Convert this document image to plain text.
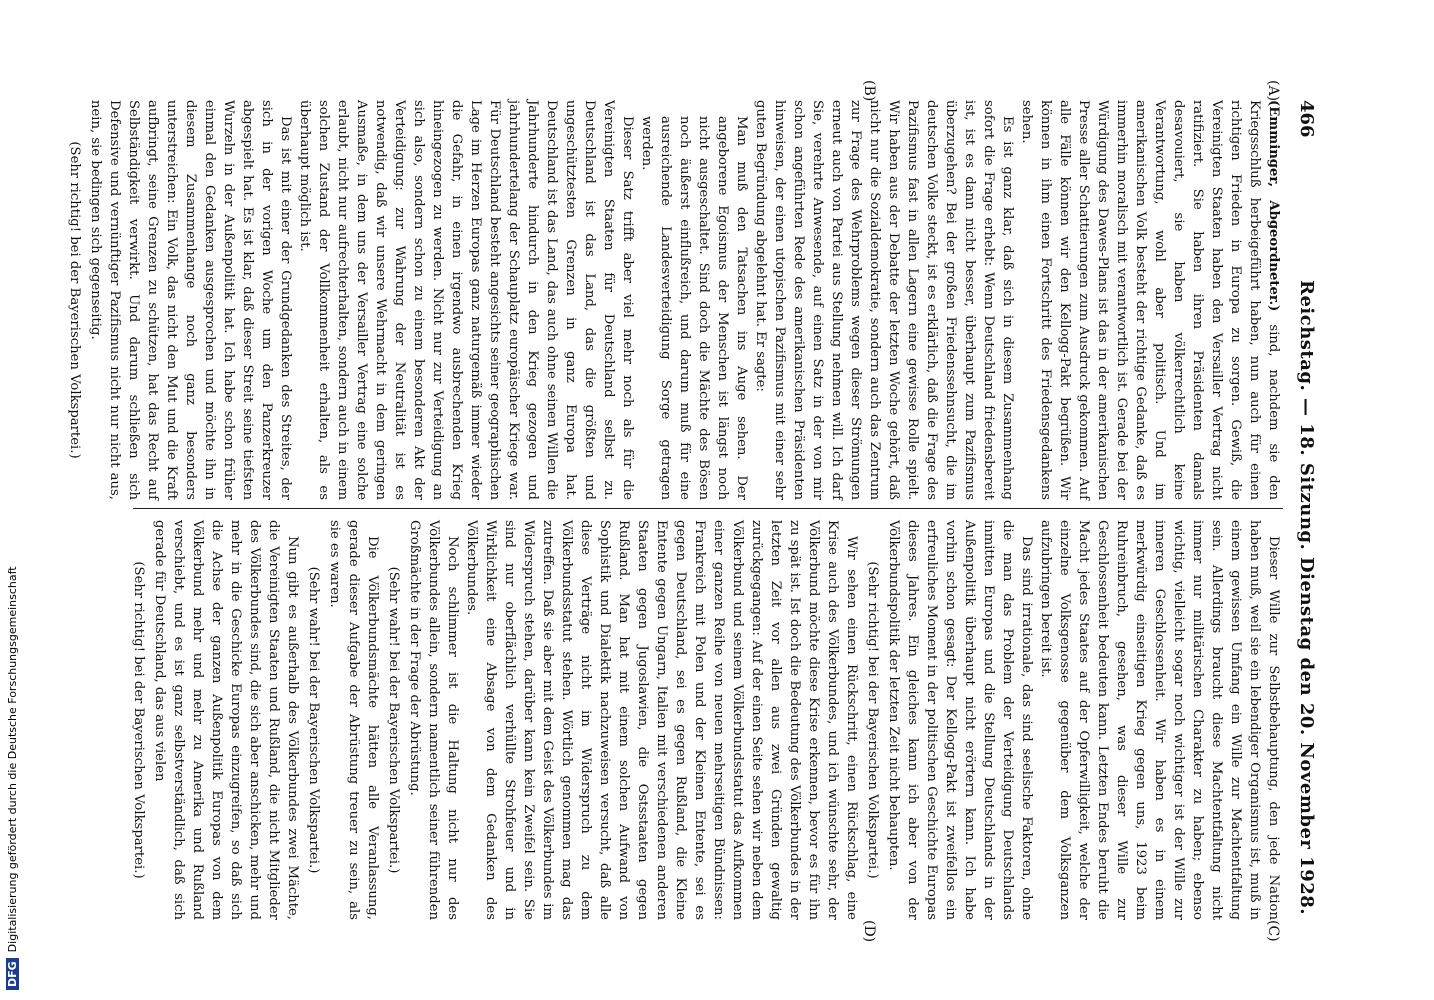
466
Reichstag. — 18. Sitzung. Dienstag den 20. November 1928.
(A)
(B)
(C)
(D)

(Emminger, Abgeordneter.) sind, nachdem sie den Kriegsschluß herbeigeführt haben, nun auch für einen richtigen Frieden in Europa zu sorgen. Gewiß, die Vereinigten Staaten haben den Versailler Vertrag nicht ratifiziert. Sie haben ihren Präsidenten damals desavouiert, sie haben völkerrechtlich keine Verantwortung, wohl aber politisch. Und im amerikanischen Volk besteht der richtige Gedanke, daß es immerhin moralisch mit verantwortlich ist. Gerade bei der Würdigung des Dawes-Plans ist das in der amerikanischen Presse aller Schattierungen zum Ausdruck gekommen. Auf alle Fälle können wir den Kellogg-Pakt begrüßen. Wir können in ihm einen Fortschritt des Friedensgedankens sehen.

Es ist ganz klar, daß sich in diesem Zusammenhang sofort die Frage erhebt: Wenn Deutschland friedensbereit ist, ist es dann nicht besser, überhaupt zum Pazifismus überzugehen? Bei der großen Friedenssehnsucht, die im deutschen Volke steckt, ist es erklärlich, daß die Frage des Pazifismus fast in allen Lagern eine gewisse Rolle spielt. Wir haben aus der Debatte der letzten Woche gehört, daß nicht nur die Sozialdemokratie, sondern auch das Zentrum zur Frage des Wehrproblems wegen dieser Strömungen erneut auch von Partei aus Stellung nehmen will. Ich darf Sie, verehrte Anwesende, auf einen Satz in der von mir schon angeführten Rede des amerikanischen Präsidenten hinweisen, der einen utopischen Pazifismus mit einer sehr guten Begründung abgelehnt hat. Er sagte:

Man muß den Tatsachen ins Auge sehen. Der angeborene Egoismus der Menschen ist längst noch nicht ausgeschaltet. Sind doch die Mächte des Bösen noch äußerst einflußreich, und darum muß für eine ausreichende Landesverteidigung Sorge getragen werden.

Dieser Satz trifft aber viel mehr noch als für die Vereinigten Staaten für Deutschland selbst zu. Deutschland ist das Land, das die größten und ungeschütztesten Grenzen in ganz Europa hat. Deutschland ist das Land, das auch ohne seinen Willen die Jahrhunderte hindurch in den Krieg gezogen und jahrhundertelang der Schauplatz europäischer Kriege war. Für Deutschland besteht angesichts seiner geographischen Lage im Herzen Europas ganz naturgemäß immer wieder die Gefahr, in einen irgendwo ausbrechenden Krieg hineingezogen zu werden. Nicht nur zur Verteidigung an sich also, sondern schon zu einem besonderen Akt der Verteidigung: zur Wahrung der Neutralität ist es notwendig, daß wir unsere Wehrmacht in dem geringen Ausmaße, in dem uns der Versailler Vertrag eine solche erlaubt, nicht nur aufrechterhalten, sondern auch in einem solchen Zustand der Vollkommenheit erhalten, als es überhaupt möglich ist.

Das ist mit einer der Grundgedanken des Streites, der sich in der vorigen Woche um den Panzerkreuzer abgespielt hat. Es ist klar, daß dieser Streit seine tiefsten Wurzeln in der Außenpolitik hat. Ich habe schon früher einmal den Gedanken ausgesprochen und möchte ihn in diesem Zusammenhange noch ganz besonders unterstreichen: Ein Volk, das nicht den Mut und die Kraft aufbringt, seine Grenzen zu schützen, hat das Recht auf Selbständigkeit verwirkt. Und darum schließen sich Defensive und vernünftiger Pazifismus nicht nur nicht aus, nein, sie bedingen sich gegenseitig.

(Sehr richtig! bei der Bayerischen Volkspartei.)

Dieser Wille zur Selbstbehauptung, den jede Nation haben muß, weil sie ein lebendiger Organismus ist, muß in einem gewissen Umfang ein Wille zur Machtentfaltung sein. Allerdings braucht diese Machtentfaltung nicht immer nur militärischen Charakter zu haben; ebenso wichtig, vielleicht sogar noch wichtiger ist der Wille zur inneren Geschlossenheit. Wir haben es in einem merkwürdig einseitigen Krieg gegen uns, 1923 beim Ruhreinbruch, gesehen, was dieser Wille zur Geschlossenheit bedeuten kann. Letzten Endes beruht die Macht jedes Staates auf der Opferwilligkeit, welche der einzelne Volksgenosse gegenüber dem Volksganzen aufzubringen bereit ist.

Das sind irrationale, das sind seelische Faktoren, ohne die man das Problem der Verteidigung Deutschlands inmitten Europas und die Stellung Deutschlands in der Außenpolitik überhaupt nicht erörtern kann. Ich habe vorhin schon gesagt: Der Kellogg-Pakt ist zweifellos ein erfreuliches Moment in der politischen Geschichte Europas dieses Jahres. Ein gleiches kann ich aber von der Völkerbundspolitik der letzten Zeit nicht behaupten.

(Sehr richtig! bei der Bayerischen Volkspartei.)

Wir sehen einen Rückschritt, einen Rückschlag, eine Krise auch des Völkerbundes, und ich wünschte sehr, der Völkerbund möchte diese Krise erkennen, bevor es für ihn zu spät ist. Ist doch die Bedeutung des Völkerbundes in der letzten Zeit vor allen aus zwei Gründen gewaltig zurückgegangen: Auf der einen Seite sehen wir neben dem Völkerbund und seinem Völkerbundsstatut das Aufkommen einer ganzen Reihe von neuen mehrseitigen Bündnissen: Frankreich mit Polen und der Kleinen Entente, sei es gegen Deutschland, sei es gegen Rußland, die Kleine Entente gegen Ungarn, Italien mit verschiedenen anderen Staaten gegen Jugoslawien, die Ostsstaaten gegen Rußland. Man hat mit einem solchen Aufwand von Sophistik und Dialektik nachzuweisen versucht, daß alle diese Verträge nicht im Widerspruch zu dem Völkerbundsstatut stehen. Wörtlich genommen mag das zutreffen. Daß sie aber mit dem Geist des Völkerbundes im Widerspruch stehen, darüber kann kein Zweifel sein. Sie sind nur oberflächlich verhüllte Strohfeuer und in Wirklichkeit eine Absage von dem Gedanken des Völkerbundes.

Noch schlimmer ist die Haltung nicht nur des Völkerbundes allein, sondern namentlich seiner führenden Großmächte in der Frage der Abrüstung.

(Sehr wahr! bei der Bayerischen Volkspartei.)

Die Völkerbundsmächte hätten alle Veranlassung, gerade dieser Aufgabe der Abrüstung treuer zu sein, als sie es waren.

(Sehr wahr! bei der Bayerischen Volkspartei.)

Nun gibt es außerhalb des Völkerbundes zwei Mächte, die Vereinigten Staaten und Rußland, die nicht Mitglieder des Völkerbundes sind, die sich aber anschicken, mehr und mehr in die Geschicke Europas einzugreifen, so daß sich die Achse der ganzen Außenpolitik Europas von dem Völkerbund mehr und mehr zu Amerika und Rußland verschiebt, und es ist ganz selbstverständlich, daß sich gerade für Deutschland, das aus vielen

(Sehr richtig! bei der Bayerischen Volkspartei.)

DFGDigitalisierung gefördert durch die Deutsche Forschungsgemeinschaft
